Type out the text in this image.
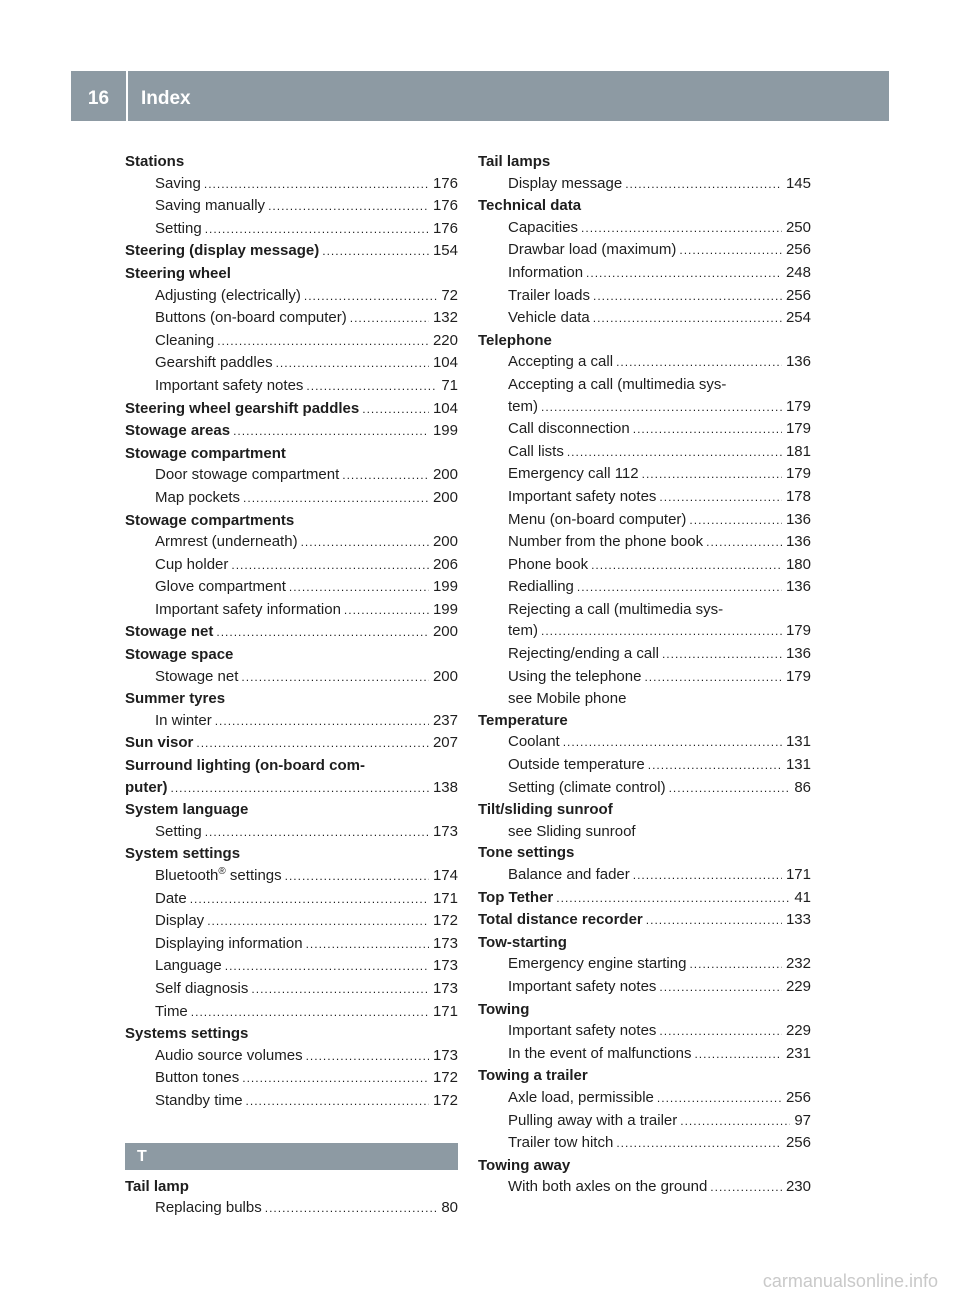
16	Index
Stations
Saving .....	176
Saving manually .....	176
Setting .....	176
Steering (display message) .....	154
Steering wheel
Adjusting (electrically) .....	72
Buttons (on-board computer) .....	132
Cleaning .....	220
Gearshift paddles .....	104
Important safety notes .....	71
Steering wheel gearshift paddles .....	104
Stowage areas .....	199
Stowage compartment
Door stowage compartment .....	200
Map pockets .....	200
Stowage compartments
Armrest (underneath) .....	200
Cup holder .....	206
Glove compartment .....	199
Important safety information .....	199
Stowage net .....	200
Stowage space
Stowage net .....	200
Summer tyres
In winter .....	237
Sun visor .....	207
Surround lighting (on-board com-
puter) .....	138
System language
Setting .....	173
System settings
Bluetooth® settings .....	174
Date .....	171
Display .....	172
Displaying information .....	173
Language .....	173
Self diagnosis .....	173
Time .....	171
Systems settings
Audio source volumes .....	173
Button tones .....	172
Standby time .....	172
T
Tail lamp
Replacing bulbs .....	80
Tail lamps
Display message .....	145
Technical data
Capacities .....	250
Drawbar load (maximum) .....	256
Information .....	248
Trailer loads .....	256
Vehicle data .....	254
Telephone
Accepting a call .....	136
Accepting a call (multimedia sys-
tem) .....	179
Call disconnection .....	179
Call lists .....	181
Emergency call 112 .....	179
Important safety notes .....	178
Menu (on-board computer) .....	136
Number from the phone book .....	136
Phone book .....	180
Redialling .....	136
Rejecting a call (multimedia sys-
tem) .....	179
Rejecting/ending a call .....	136
Using the telephone .....	179
see Mobile phone
Temperature
Coolant .....	131
Outside temperature .....	131
Setting (climate control) .....	86
Tilt/sliding sunroof
see Sliding sunroof
Tone settings
Balance and fader .....	171
Top Tether .....	41
Total distance recorder .....	133
Tow-starting
Emergency engine starting .....	232
Important safety notes .....	229
Towing
Important safety notes .....	229
In the event of malfunctions .....	231
Towing a trailer
Axle load, permissible .....	256
Pulling away with a trailer .....	97
Trailer tow hitch .....	256
Towing away
With both axles on the ground .....	230
carmanualsonline.info
